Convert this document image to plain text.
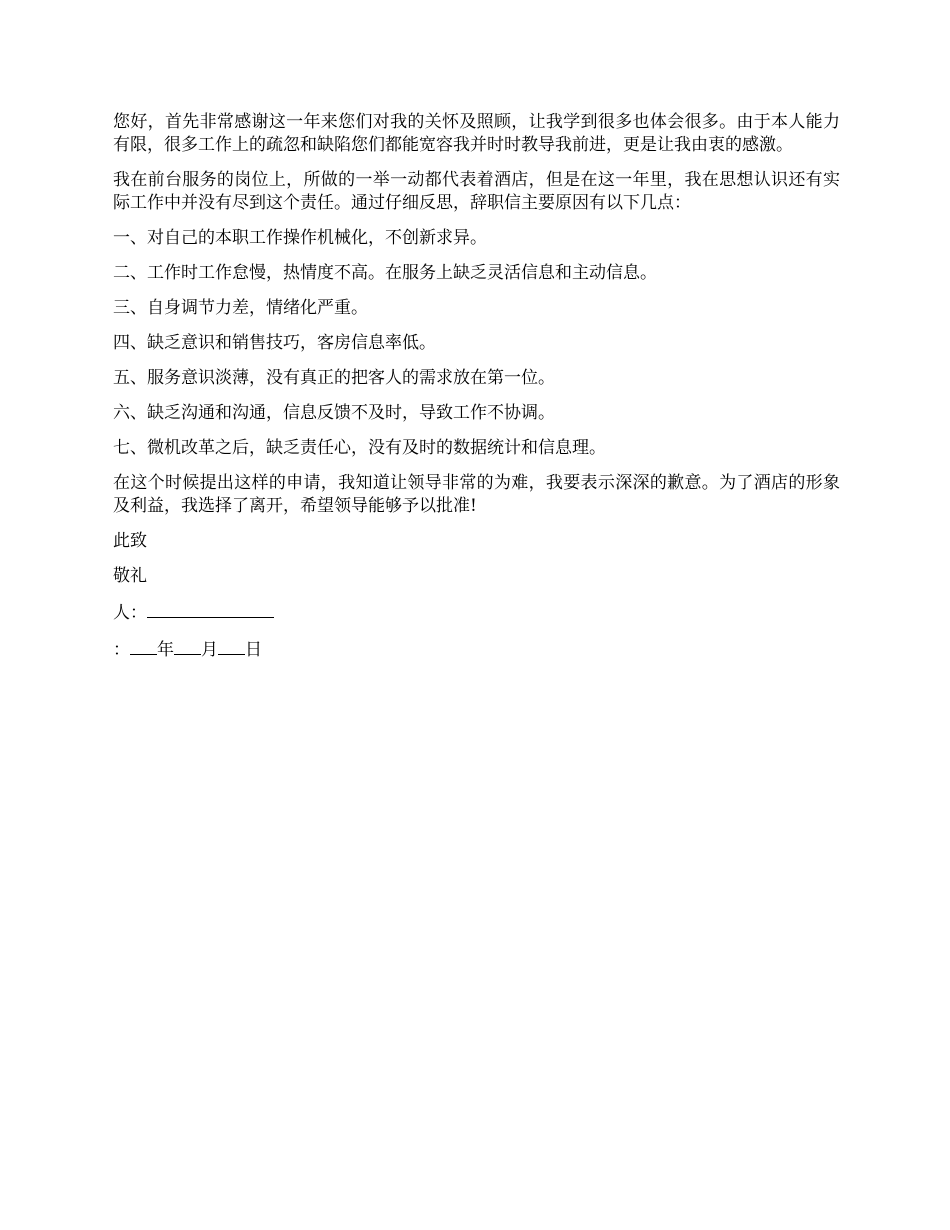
您好，首先非常感谢这一年来您们对我的关怀及照顾，让我学到很多也体会很多。由于本人能力有限，很多工作上的疏忽和缺陷您们都能宽容我并时时教导我前进，更是让我由衷的感激。

我在前台服务的岗位上，所做的一举一动都代表着酒店，但是在这一年里，我在思想认识还有实际工作中并没有尽到这个责任。通过仔细反思，辞职信主要原因有以下几点：

一、对自己的本职工作操作机械化，不创新求异。

二、工作时工作怠慢，热情度不高。在服务上缺乏灵活信息和主动信息。

三、自身调节力差，情绪化严重。

四、缺乏意识和销售技巧，客房信息率低。

五、服务意识淡薄，没有真正的把客人的需求放在第一位。

六、缺乏沟通和沟通，信息反馈不及时，导致工作不协调。

七、微机改革之后，缺乏责任心，没有及时的数据统计和信息理。

在这个时候提出这样的申请，我知道让领导非常的为难，我要表示深深的歉意。为了酒店的形象及利益，我选择了离开，希望领导能够予以批准!

此致

敬礼

人：

： 年 月 日
